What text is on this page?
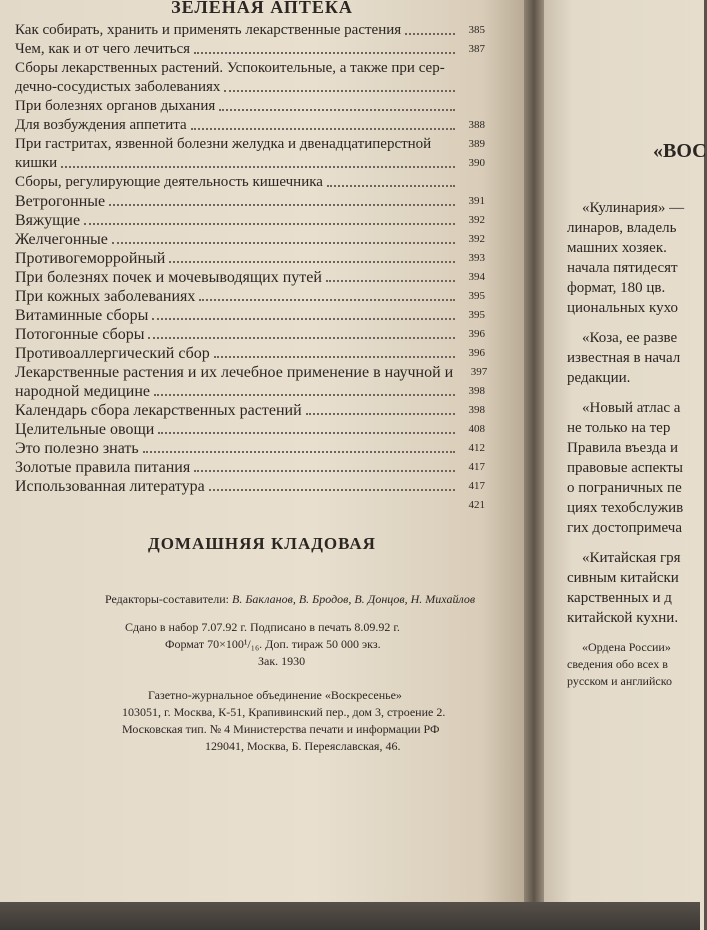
ЗЕЛЕНАЯ АПТЕКА
Как собирать, хранить и применять лекарственные растения	385
Чем, как и от чего лечиться	387
Сборы лекарственных растений. Успокоительные, а также при сер-
дечно-сосудистых заболеваниях
При болезнях органов дыхания
Для возбуждения аппетита	388
При гастритах, язвенной болезни желудка и двенадцатиперстной	389
кишки	390
Сборы, регулирующие деятельность кишечника
Ветрогонные	391
Вяжущие	392
Желчегонные	392
Противогеморройный	393
При болезнях почек и мочевыводящих путей	394
При кожных заболеваниях	395
Витаминные сборы	395
Потогонные сборы	396
Противоаллергический сбор	396
Лекарственные растения и их лечебное применение в научной и	397
народной медицине	398
Календарь сбора лекарственных растений	398
Целительные овощи	408
Это полезно знать	412
Золотые правила питания	417
Использованная литература	417
421
ДОМАШНЯЯ КЛАДОВАЯ
Редакторы-составители: В. Бакланов, В. Бродов, В. Донцов, Н. Михайлов
Сдано в набор 7.07.92 г. Подписано в печать 8.09.92 г.
Формат 70×100¹/₁₆. Доп. тираж 50 000 экз.
Зак. 1930
Газетно-журнальное объединение «Воскресенье»
103051, г. Москва, К-51, Крапивинский пер., дом 3, строение 2.
Московская тип. № 4 Министерства печати и информации РФ
129041, Москва, Б. Переяславская, 46.
«ВОС
«Кулинария» —
линаров, владель
машних хозяек.
начала пятидесят
формат, 180 цв.
циональных кухо
«Коза, ее разве
известная в начал
редакции.
«Новый атлас а
не только на тер
Правила въезда и
правовые аспекты
о пограничных пе
циях техобслужив
гих достопримеча
«Китайская гря
сивным китайски
карственных и д
китайской кухни.
«Ордена России»
сведения обо всех в
русском и английско
